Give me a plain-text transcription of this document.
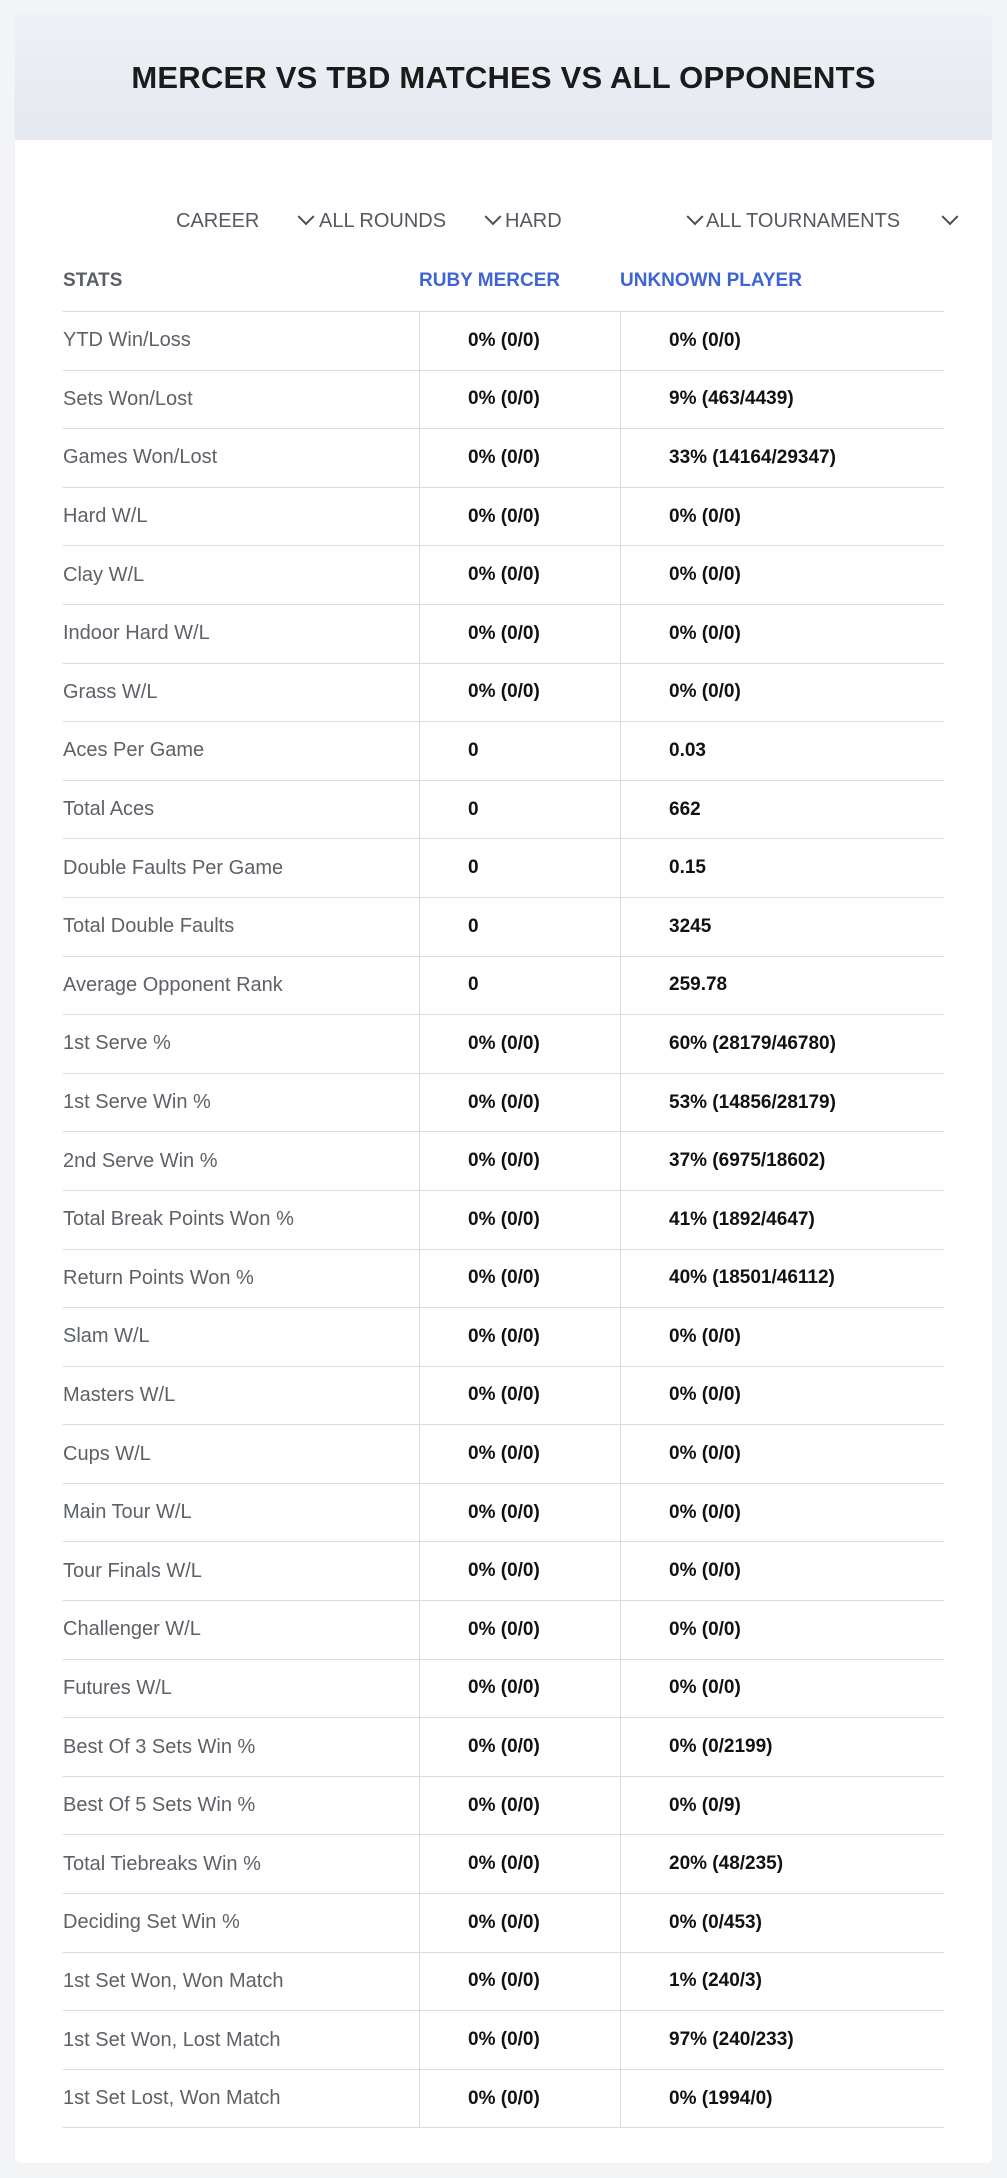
MERCER VS TBD MATCHES VS ALL OPPONENTS
CAREER	ALL ROUNDS	HARD	ALL TOURNAMENTS
STATS	RUBY MERCER	UNKNOWN PLAYER
YTD Win/Loss	0% (0/0)	0% (0/0)
Sets Won/Lost	0% (0/0)	9% (463/4439)
Games Won/Lost	0% (0/0)	33% (14164/29347)
Hard W/L	0% (0/0)	0% (0/0)
Clay W/L	0% (0/0)	0% (0/0)
Indoor Hard W/L	0% (0/0)	0% (0/0)
Grass W/L	0% (0/0)	0% (0/0)
Aces Per Game	0	0.03
Total Aces	0	662
Double Faults Per Game	0	0.15
Total Double Faults	0	3245
Average Opponent Rank	0	259.78
1st Serve %	0% (0/0)	60% (28179/46780)
1st Serve Win %	0% (0/0)	53% (14856/28179)
2nd Serve Win %	0% (0/0)	37% (6975/18602)
Total Break Points Won %	0% (0/0)	41% (1892/4647)
Return Points Won %	0% (0/0)	40% (18501/46112)
Slam W/L	0% (0/0)	0% (0/0)
Masters W/L	0% (0/0)	0% (0/0)
Cups W/L	0% (0/0)	0% (0/0)
Main Tour W/L	0% (0/0)	0% (0/0)
Tour Finals W/L	0% (0/0)	0% (0/0)
Challenger W/L	0% (0/0)	0% (0/0)
Futures W/L	0% (0/0)	0% (0/0)
Best Of 3 Sets Win %	0% (0/0)	0% (0/2199)
Best Of 5 Sets Win %	0% (0/0)	0% (0/9)
Total Tiebreaks Win %	0% (0/0)	20% (48/235)
Deciding Set Win %	0% (0/0)	0% (0/453)
1st Set Won, Won Match	0% (0/0)	1% (240/3)
1st Set Won, Lost Match	0% (0/0)	97% (240/233)
1st Set Lost, Won Match	0% (0/0)	0% (1994/0)
